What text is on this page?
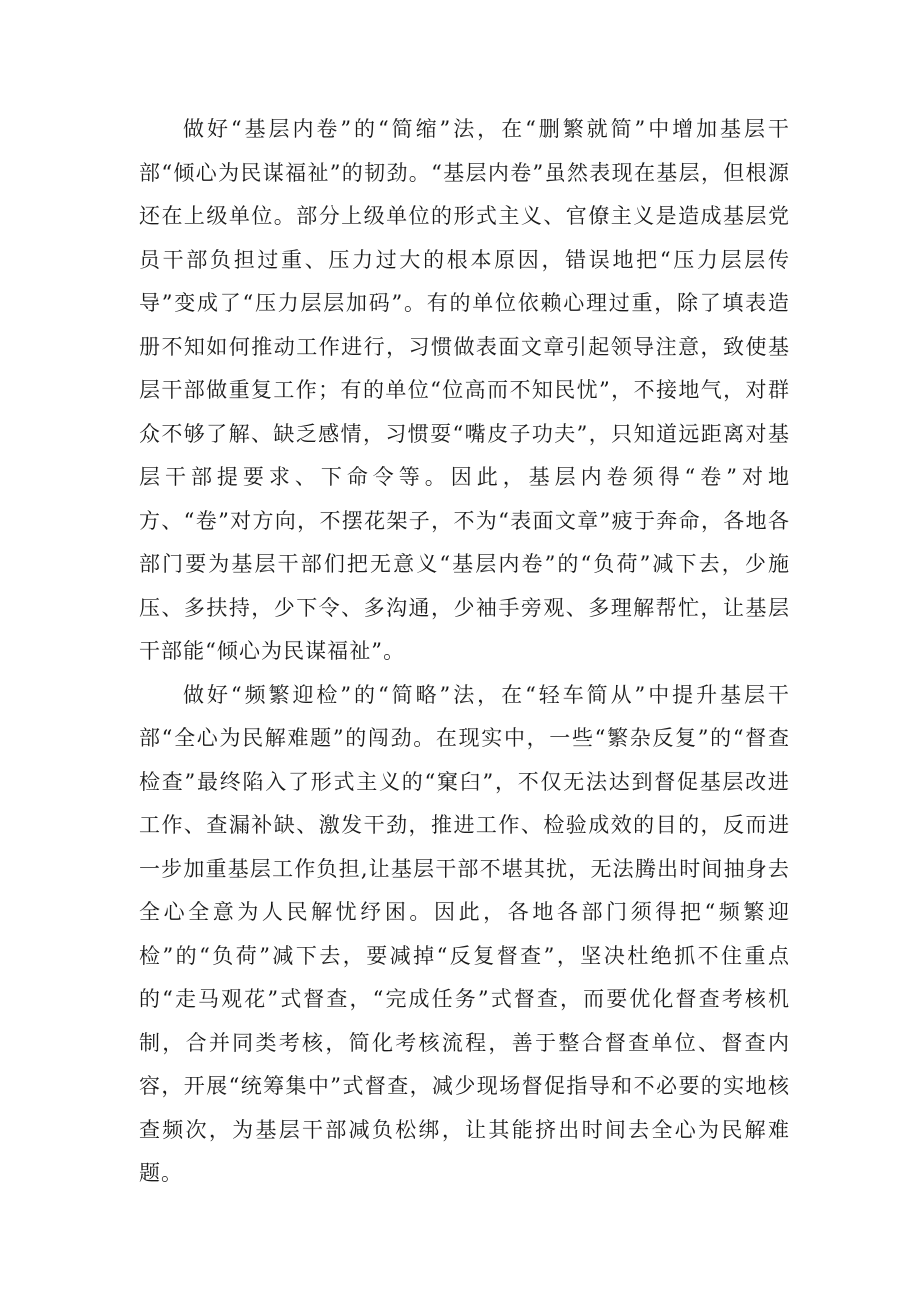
做好“基层内卷”的“简缩”法，在“删繁就简”中增加基层干部“倾心为民谋福祉”的韧劲。“基层内卷”虽然表现在基层，但根源还在上级单位。部分上级单位的形式主义、官僚主义是造成基层党员干部负担过重、压力过大的根本原因，错误地把“压力层层传导”变成了“压力层层加码”。有的单位依赖心理过重，除了填表造册不知如何推动工作进行，习惯做表面文章引起领导注意，致使基层干部做重复工作；有的单位“位高而不知民忧”，不接地气，对群众不够了解、缺乏感情，习惯耍“嘴皮子功夫”，只知道远距离对基层干部提要求、下命令等。因此，基层内卷须得“卷”对地方、“卷”对方向，不摆花架子，不为“表面文章”疲于奔命，各地各部门要为基层干部们把无意义“基层内卷”的“负荷”减下去，少施压、多扶持，少下令、多沟通，少袖手旁观、多理解帮忙，让基层干部能“倾心为民谋福祉”。

做好“频繁迎检”的“简略”法，在“轻车简从”中提升基层干部“全心为民解难题”的闯劲。在现实中，一些“繁杂反复”的“督查检查”最终陷入了形式主义的“窠臼”，不仅无法达到督促基层改进工作、查漏补缺、激发干劲，推进工作、检验成效的目的，反而进一步加重基层工作负担,让基层干部不堪其扰，无法腾出时间抽身去全心全意为人民解忧纾困。因此，各地各部门须得把“频繁迎检”的“负荷”减下去，要减掉“反复督查”，坚决杜绝抓不住重点的“走马观花”式督查，“完成任务”式督查，而要优化督查考核机制，合并同类考核，简化考核流程，善于整合督查单位、督查内容，开展“统筹集中”式督查，减少现场督促指导和不必要的实地核查频次，为基层干部减负松绑，让其能挤出时间去全心为民解难题。
